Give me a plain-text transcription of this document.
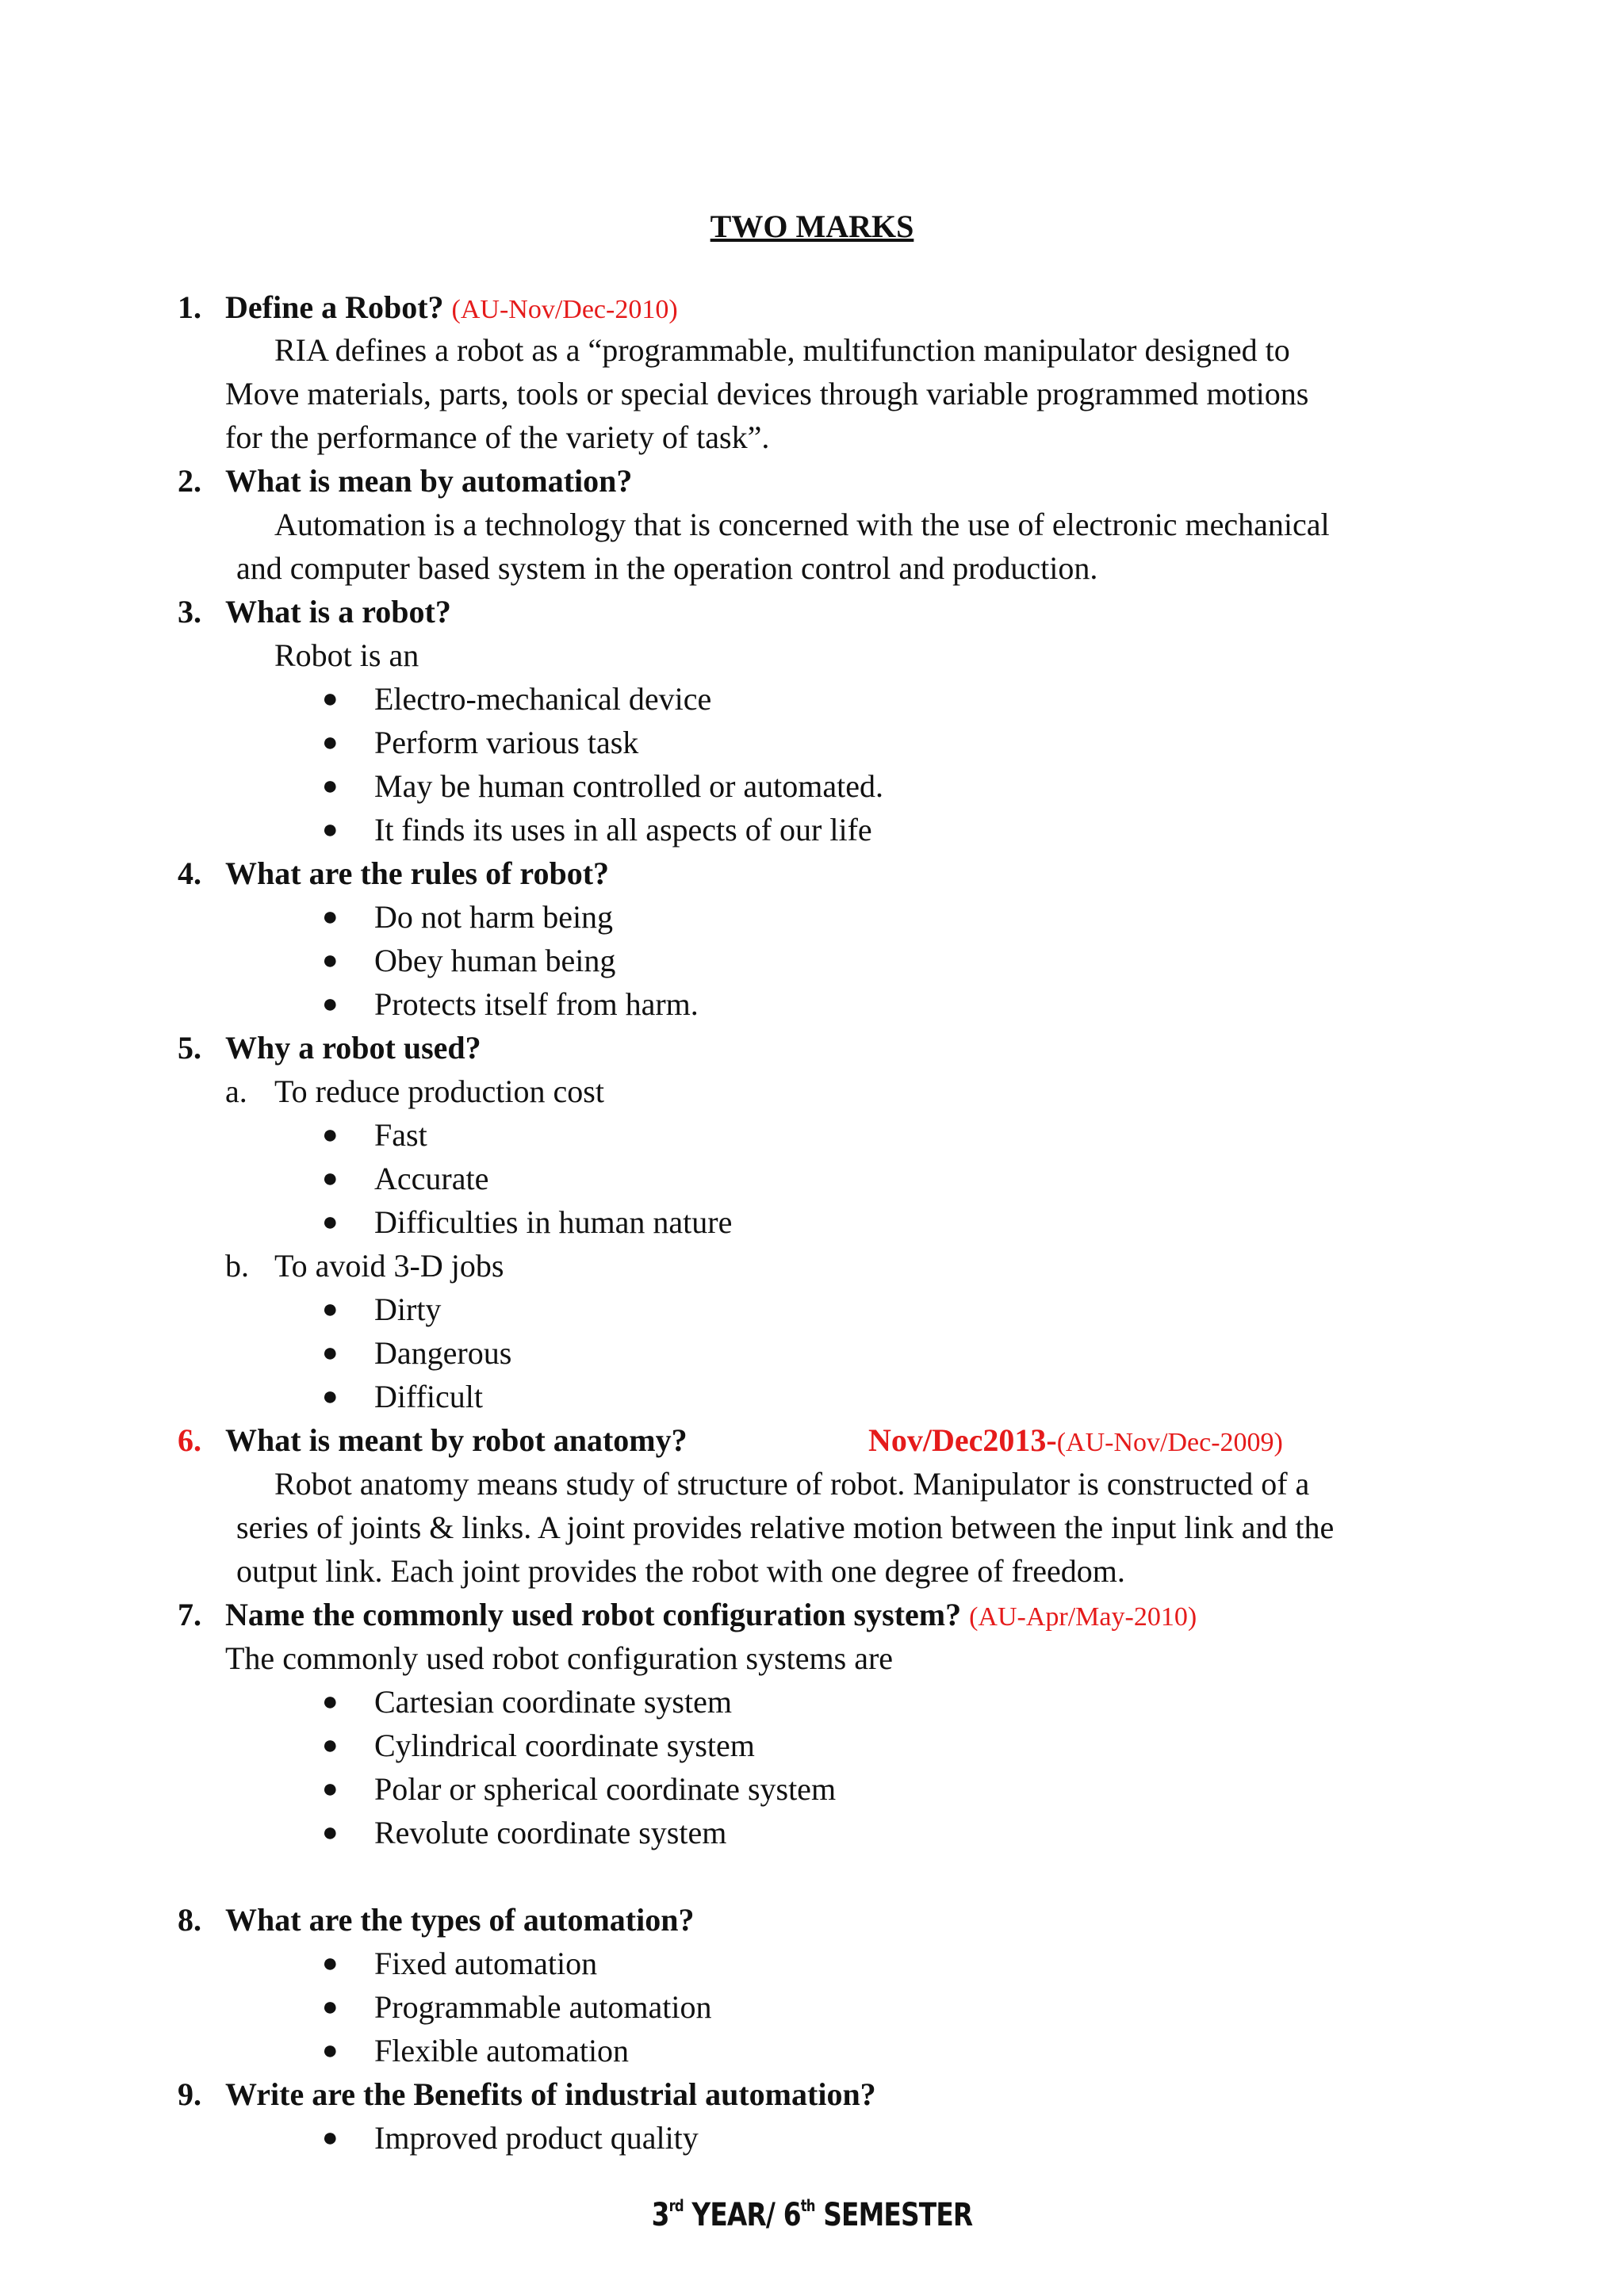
TWO MARKS
1. Define a Robot? (AU-Nov/Dec-2010)
RIA defines a robot as a “programmable, multifunction manipulator designed to
Move materials, parts, tools or special devices through variable programmed motions
for the performance of the variety of task”.
2. What is mean by automation?
Automation is a technology that is concerned with the use of electronic mechanical
and computer based system in the operation control and production.
3. What is a robot?
Robot is an
● Electro-mechanical device
● Perform various task
● May be human controlled or automated.
● It finds its uses in all aspects of our life
4. What are the rules of robot?
● Do not harm being
● Obey human being
● Protects itself from harm.
5. Why a robot used?
a. To reduce production cost
● Fast
● Accurate
● Difficulties in human nature
b. To avoid 3-D jobs
● Dirty
● Dangerous
● Difficult
6. What is meant by robot anatomy?	Nov/Dec2013-(AU-Nov/Dec-2009)
Robot anatomy means study of structure of robot. Manipulator is constructed of a
series of joints & links. A joint provides relative motion between the input link and the
output link. Each joint provides the robot with one degree of freedom.
7. Name the commonly used robot configuration system? (AU-Apr/May-2010)
The commonly used robot configuration systems are
● Cartesian coordinate system
● Cylindrical coordinate system
● Polar or spherical coordinate system
● Revolute coordinate system
8. What are the types of automation?
● Fixed automation
● Programmable automation
● Flexible automation
9. Write are the Benefits of industrial automation?
● Improved product quality
3rd YEAR/ 6th SEMESTER
